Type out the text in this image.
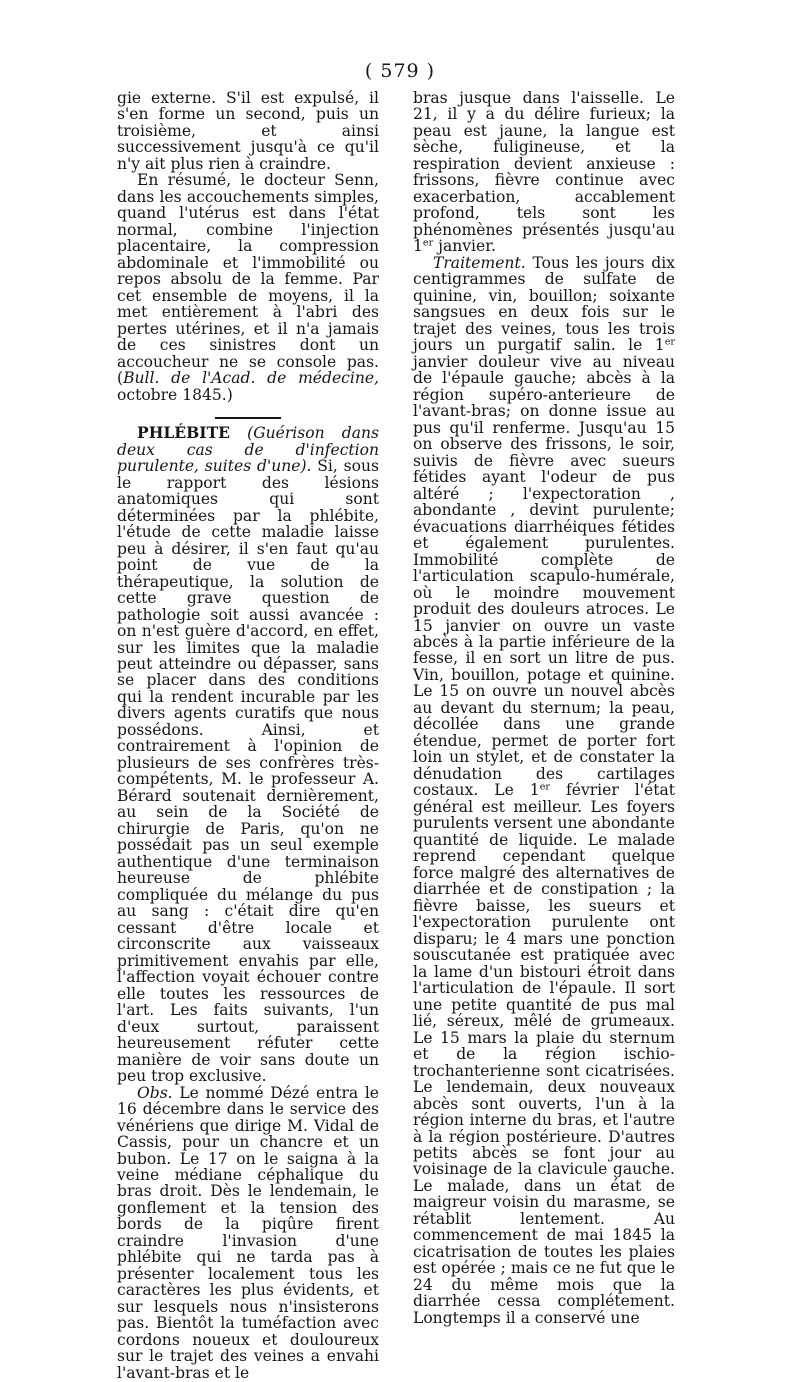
( 579 )

gie externe. S'il est expulsé, il s'en forme un second, puis un troisième, et ainsi successivement jusqu'à ce qu'il n'y ait plus rien à craindre.

En résumé, le docteur Senn, dans les accouchements simples, quand l'utérus est dans l'état normal, combine l'injection placentaire, la compression abdominale et l'immobilité ou repos absolu de la femme. Par cet ensemble de moyens, il la met entièrement à l'abri des pertes utérines, et il n'a jamais de ces sinistres dont un accoucheur ne se console pas. (Bull. de l'Acad. de médecine, octobre 1845.)

PHLÉBITE (Guérison dans deux cas de d'infection purulente, suites d'une). Si, sous le rapport des lésions anatomiques qui sont déterminées par la phlébite, l'étude de cette maladie laisse peu à désirer, il s'en faut qu'au point de vue de la thérapeutique, la solution de cette grave question de pathologie soit aussi avancée : on n'est guère d'accord, en effet, sur les limites que la maladie peut atteindre ou dépasser, sans se placer dans des conditions qui la rendent incurable par les divers agents curatifs que nous possédons. Ainsi, et contrairement à l'opinion de plusieurs de ses confrères très-compétents, M. le professeur A. Bérard soutenait dernièrement, au sein de la Société de chirurgie de Paris, qu'on ne possédait pas un seul exemple authentique d'une terminaison heureuse de phlébite compliquée du mélange du pus au sang : c'était dire qu'en cessant d'être locale et circonscrite aux vaisseaux primitivement envahis par elle, l'affection voyait échouer contre elle toutes les ressources de l'art. Les faits suivants, l'un d'eux surtout, paraissent heureusement réfuter cette manière de voir sans doute un peu trop exclusive.

Obs. Le nommé Dézé entra le 16 décembre dans le service des vénériens que dirige M. Vidal de Cassis, pour un chancre et un bubon. Le 17 on le saigna à la veine médiane céphalique du bras droit. Dès le lendemain, le gonflement et la tension des bords de la piqûre firent craindre l'invasion d'une phlébite qui ne tarda pas à présenter localement tous les caractères les plus évidents, et sur lesquels nous n'insisterons pas. Bientôt la tuméfaction avec cordons noueux et douloureux sur le trajet des veines a envahi l'avant-bras et le

bras jusque dans l'aisselle. Le 21, il y a du délire furieux; la peau est jaune, la langue est sèche, fuligineuse, et la respiration devient anxieuse : frissons, fièvre continue avec exacerbation, accablement profond, tels sont les phénomènes présentés jusqu'au 1er janvier.

Traitement. Tous les jours dix centigrammes de sulfate de quinine, vin, bouillon; soixante sangsues en deux fois sur le trajet des veines, tous les trois jours un purgatif salin. le 1er janvier douleur vive au niveau de l'épaule gauche; abcès à la région supéro-anterieure de l'avant-bras; on donne issue au pus qu'il renferme. Jusqu'au 15 on observe des frissons, le soir, suivis de fièvre avec sueurs fétides ayant l'odeur de pus altéré ; l'expectoration , abondante , devint purulente; évacuations diarrhéiques fétides et également purulentes. Immobilité complète de l'articulation scapulo-humérale, où le moindre mouvement produit des douleurs atroces. Le 15 janvier on ouvre un vaste abcès à la partie inférieure de la fesse, il en sort un litre de pus. Vin, bouillon, potage et quinine. Le 15 on ouvre un nouvel abcès au devant du sternum; la peau, décollée dans une grande étendue, permet de porter fort loin un stylet, et de constater la dénudation des cartilages costaux. Le 1er février l'état général est meilleur. Les foyers purulents versent une abondante quantité de liquide. Le malade reprend cependant quelque force malgré des alternatives de diarrhée et de constipation ; la fièvre baisse, les sueurs et l'expectoration purulente ont disparu; le 4 mars une ponction souscutanée est pratiquée avec la lame d'un bistouri étroit dans l'articulation de l'épaule. Il sort une petite quantité de pus mal lié, séreux, mêlé de grumeaux. Le 15 mars la plaie du sternum et de la région ischio-trochanterienne sont cicatrisées. Le lendemain, deux nouveaux abcès sont ouverts, l'un à la région interne du bras, et l'autre à la région postérieure. D'autres petits abcès se font jour au voisinage de la clavicule gauche. Le malade, dans un état de maigreur voisin du marasme, se rétablit lentement. Au commencement de mai 1845 la cicatrisation de toutes les plaies est opérée ; mais ce ne fut que le 24 du même mois que la diarrhée cessa complétement. Longtemps il a conservé une
